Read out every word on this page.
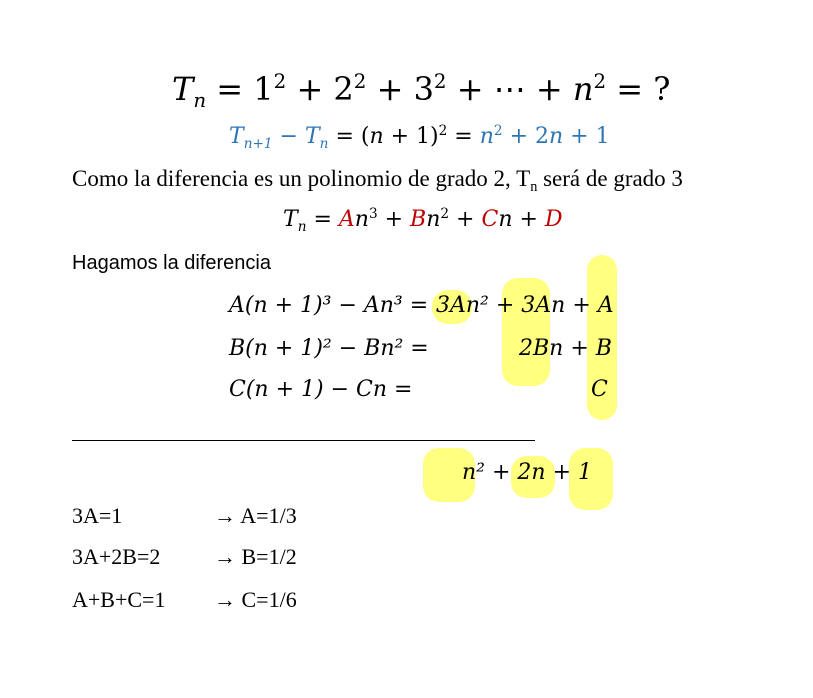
$T_n = 1^2 + 2^2 + 3^2$ + ⋯ + $n^2$ = ?
$T_{n+1} - T_n = (n + 1)^2 = n^2 + 2n + 1$
Como la diferencia es un polinomio de grado 2, $T_n$ será de grado 3
$T_n = An^3 + Bn^2 + Cn + D$
Hagamos la diferencia
A(n + 1)³ − An³ = 3An² + 3An + A
B(n + 1)² − Bn² =	2Bn + B
C(n + 1) − Cn =	C
n² + 2n + 1
3A=1	→ A=1/3
3A+2B=2 → B=1/2
A+B+C=1 → C=1/6
